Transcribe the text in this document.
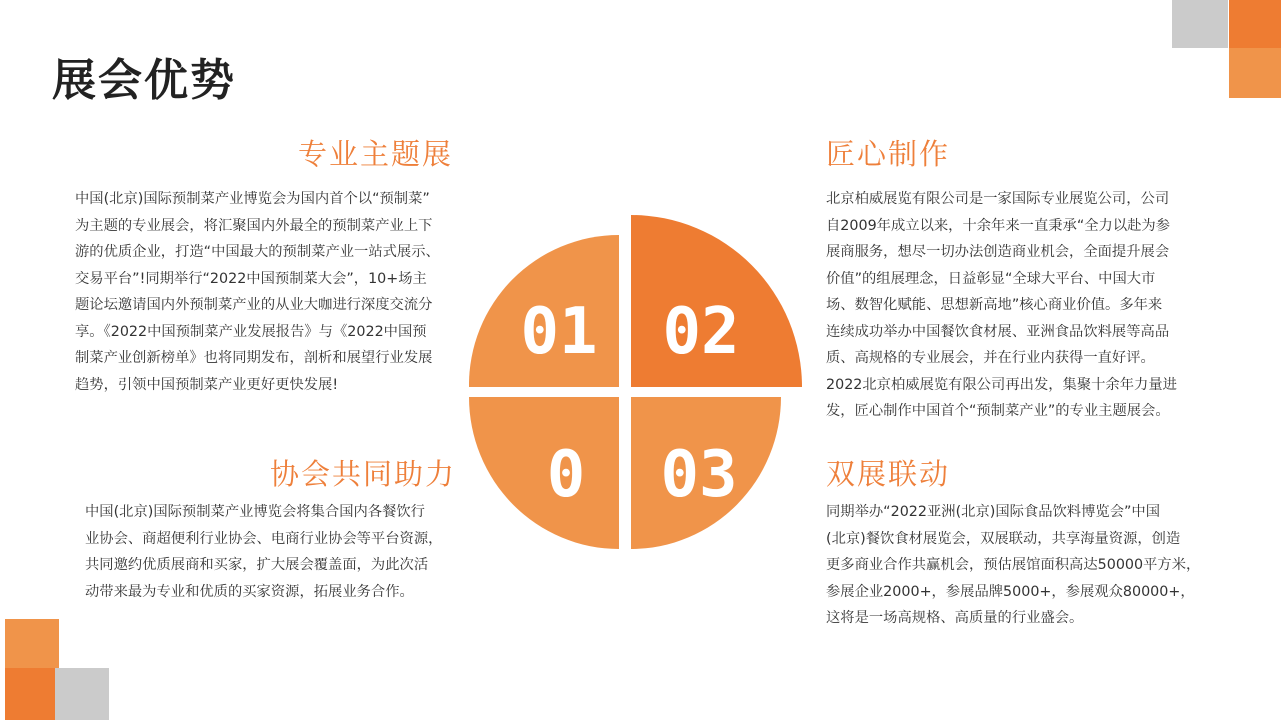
展会优势
专业主题展
中国(北京)国际预制菜产业博览会为国内首个以“预制菜”
为主题的专业展会，将汇聚国内外最全的预制菜产业上下
游的优质企业，打造“中国最大的预制菜产业一站式展示、
交易平台”!同期举行“2022中国预制菜大会”，10+场主
题论坛邀请国内外预制菜产业的从业大咖进行深度交流分
享。《2022中国预制菜产业发展报告》与《2022中国预
制菜产业创新榜单》也将同期发布，剖析和展望行业发展
趋势，引领中国预制菜产业更好更快发展!
匠心制作
北京柏威展览有限公司是一家国际专业展览公司，公司
自2009年成立以来，十余年来一直秉承“全力以赴为参
展商服务，想尽一切办法创造商业机会，全面提升展会
价值”的组展理念，日益彰显“全球大平台、中国大市
场、数智化赋能、思想新高地”核心商业价值。多年来
连续成功举办中国餐饮食材展、亚洲食品饮料展等高品
质、高规格的专业展会，并在行业内获得一直好评。
2022北京柏威展览有限公司再出发，集聚十余年力量进
发，匠心制作中国首个“预制菜产业”的专业主题展会。
协会共同助力
中国(北京)国际预制菜产业博览会将集合国内各餐饮行
业协会、商超便利行业协会、电商行业协会等平台资源，
共同邀约优质展商和买家，扩大展会覆盖面，为此次活
动带来最为专业和优质的买家资源，拓展业务合作。
双展联动
同期举办“2022亚洲(北京)国际食品饮料博览会”中国
(北京)餐饮食材展览会，双展联动，共享海量资源，创造
更多商业合作共赢机会，预估展馆面积高达50000平方米，
参展企业2000+，参展品牌5000+，参展观众80000+，
这将是一场高规格、高质量的行业盛会。
01 02
0 03
